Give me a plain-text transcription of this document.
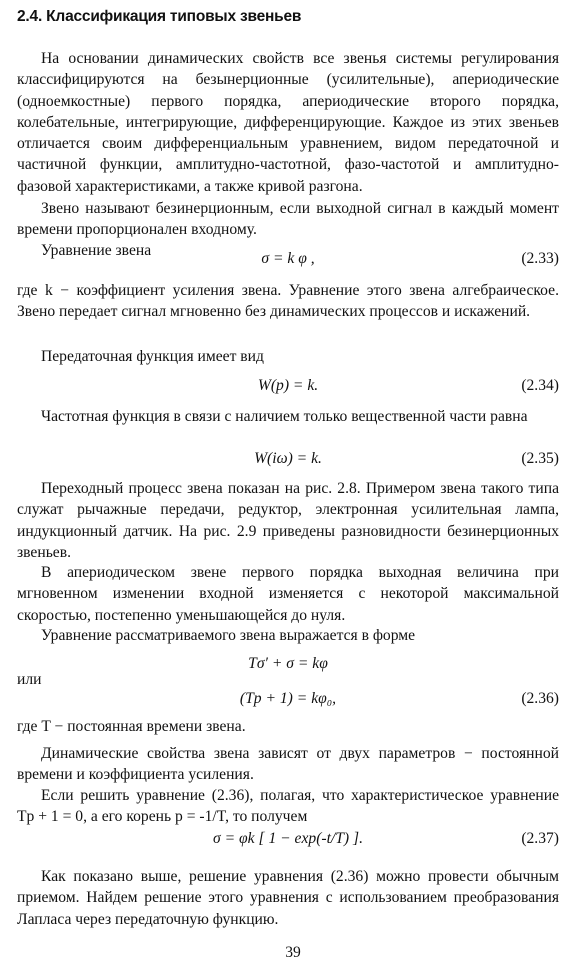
2.4. Классификация типовых звеньев
На основании динамических свойств все звенья системы регулирования классифицируются на безынерционные (усилительные), апериодические (одноемкостные) первого порядка, апериодические второго порядка, колебательные, интегрирующие, дифференцирующие. Каждое из этих звеньев отличается своим дифференциальным уравнением, видом передаточной и частичной функции, амплитудно-частотной, фазо-частотой и амплитудно-фазовой характеристиками, а также кривой разгона.
Звено называют безинерционным, если выходной сигнал в каждый момент времени пропорционален входному.
Уравнение звена	σ = k φ ,	(2.33)
где k − коэффициент усиления звена. Уравнение этого звена алгебраическое. Звено передает сигнал мгновенно без динамических процессов и искажений.
Передаточная функция имеет вид
W(p) = k.	(2.34)
Частотная функция в связи с наличием только вещественной части равна
W(iω) = k.	(2.35)
Переходный процесс звена показан на рис. 2.8. Примером звена такого типа служат рычажные передачи, редуктор, электронная усилительная лампа, индукционный датчик. На рис. 2.9 приведены разновидности безинерционных звеньев.
В апериодическом звене первого порядка выходная величина при мгновенном изменении входной изменяется с некоторой максимальной скоростью, постепенно уменьшающейся до нуля.
Уравнение рассматриваемого звена выражается в форме
Tσ′ + σ = kφ
или
(Tp + 1) = kφ₀,	(2.36)
где T − постоянная времени звена.
Динамические свойства звена зависят от двух параметров − постоянной времени и коэффициента усиления.
Если решить уравнение (2.36), полагая, что характеристическое уравнение Tp + 1 = 0, а его корень p = -1/T, то получем
σ = φk [ 1 − exp(-t/T) ].	(2.37)
Как показано выше, решение уравнения (2.36) можно провести обычным приемом. Найдем решение этого уравнения с использованием преобразования Лапласа через передаточную функцию.
39
